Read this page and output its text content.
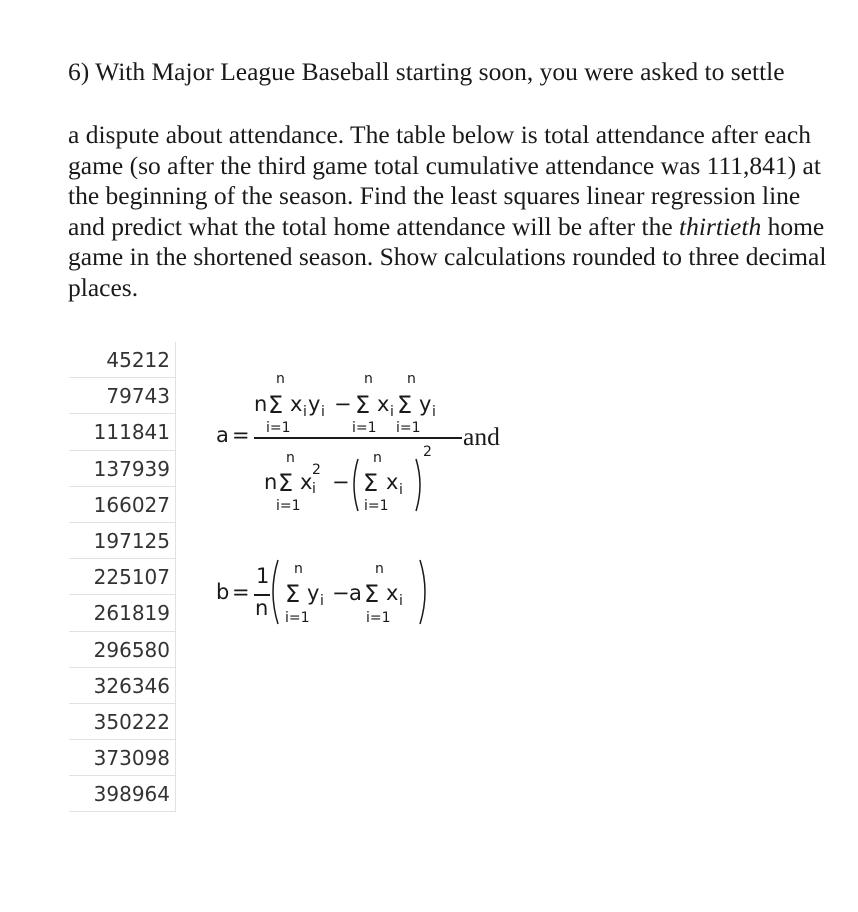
6) With Major League Baseball starting soon, you were asked to settle
a dispute about attendance. The table below is total attendance after each game (so after the third game total cumulative attendance was 111,841) at the beginning of the season. Find the least squares linear regression line and predict what the total home attendance will be after the thirtieth home game in the shortened season. Show calculations rounded to three decimal places.
45212
79743
111841
137939
166027
197125
225107
261819
296580
326346
350222
373098
398964
a =
n	n n
n Σ x i y i − Σ x i Σ y i
i=1	i=1 i=1
n	n	2
n Σ x 2
i − Σ x i
i=1	i=1
and
b =
1
n
n	n
Σ y i − a Σ x i
i=1	i=1
